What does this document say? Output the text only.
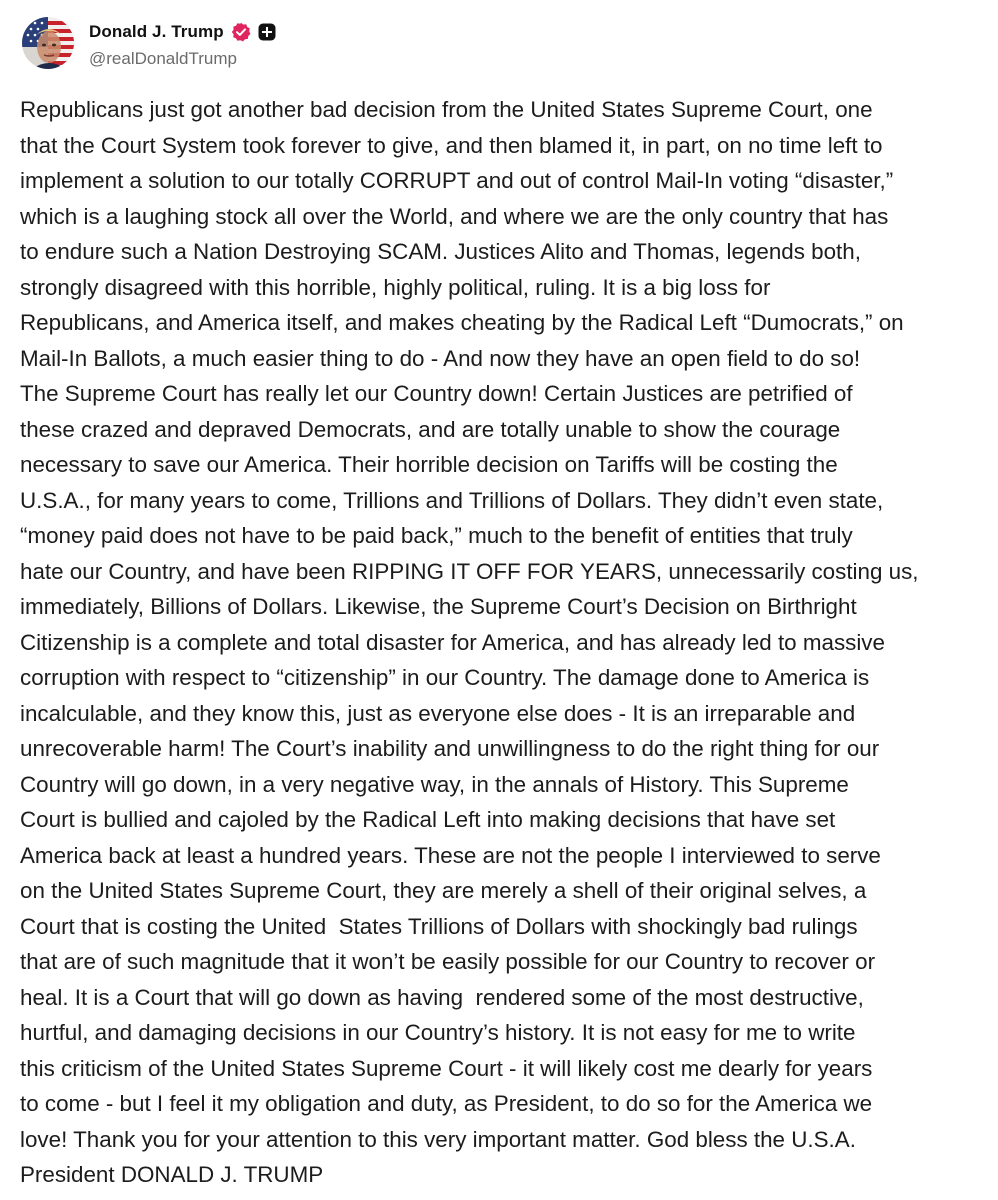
Donald J. Trump
@realDonaldTrump
Republicans just got another bad decision from the United States Supreme Court, one
that the Court System took forever to give, and then blamed it, in part, on no time left to
implement a solution to our totally CORRUPT and out of control Mail-In voting “disaster,”
which is a laughing stock all over the World, and where we are the only country that has
to endure such a Nation Destroying SCAM. Justices Alito and Thomas, legends both,
strongly disagreed with this horrible, highly political, ruling. It is a big loss for
Republicans, and America itself, and makes cheating by the Radical Left “Dumocrats,” on
Mail-In Ballots, a much easier thing to do - And now they have an open field to do so!
The Supreme Court has really let our Country down! Certain Justices are petrified of
these crazed and depraved Democrats, and are totally unable to show the courage
necessary to save our America. Their horrible decision on Tariffs will be costing the
U.S.A., for many years to come, Trillions and Trillions of Dollars. They didn’t even state,
“money paid does not have to be paid back,” much to the benefit of entities that truly
hate our Country, and have been RIPPING IT OFF FOR YEARS, unnecessarily costing us,
immediately, Billions of Dollars. Likewise, the Supreme Court’s Decision on Birthright
Citizenship is a complete and total disaster for America, and has already led to massive
corruption with respect to “citizenship” in our Country. The damage done to America is
incalculable, and they know this, just as everyone else does - It is an irreparable and
unrecoverable harm! The Court’s inability and unwillingness to do the right thing for our
Country will go down, in a very negative way, in the annals of History. This Supreme
Court is bullied and cajoled by the Radical Left into making decisions that have set
America back at least a hundred years. These are not the people I interviewed to serve
on the United States Supreme Court, they are merely a shell of their original selves, a
Court that is costing the United  States Trillions of Dollars with shockingly bad rulings
that are of such magnitude that it won’t be easily possible for our Country to recover or
heal. It is a Court that will go down as having  rendered some of the most destructive,
hurtful, and damaging decisions in our Country’s history. It is not easy for me to write
this criticism of the United States Supreme Court - it will likely cost me dearly for years
to come - but I feel it my obligation and duty, as President, to do so for the America we
love! Thank you for your attention to this very important matter. God bless the U.S.A.
President DONALD J. TRUMP
